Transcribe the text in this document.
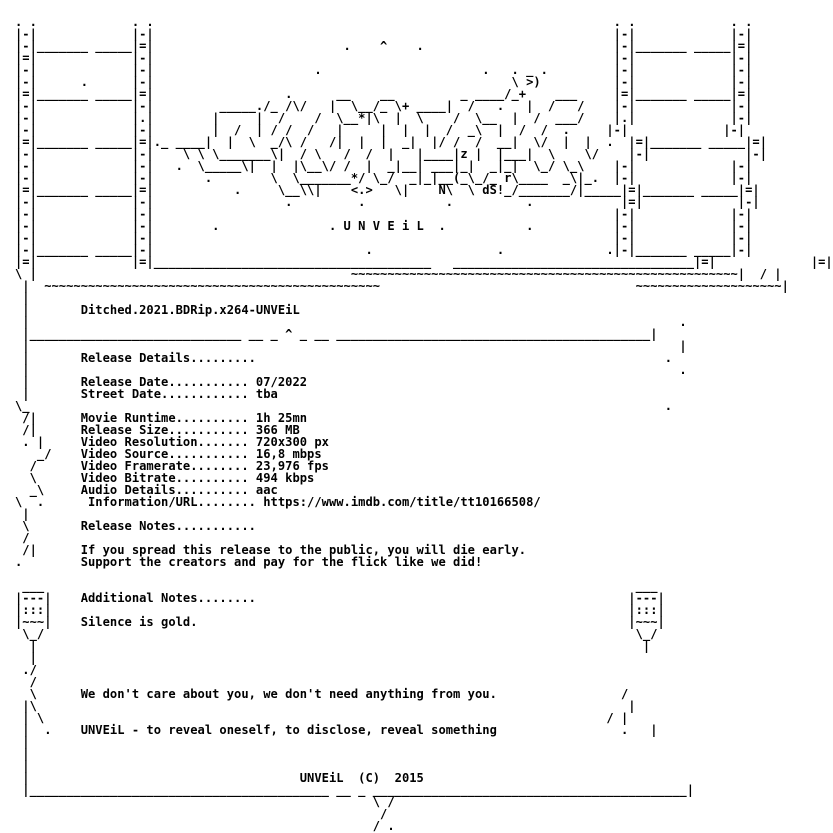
. .             . .                                                               . .             . .
|-|             |-|                                                               |-|             |-|
|-|_______ _____|=|                          .    ^    .                          |-|_______ _____|=|
|=|             |-|                                                               |-|             |-|
|-|             |-|                      .                      .   . _ .         |-|             |-|
|-|      .      |-|                                                 \ >)          |-|             |-|
|=|_______ _____|=|                  .      __    __         _ ____/_+    ___     |=|_______ _____|=|
|-|             |-|         _____./_ /\/   |  \__/_ \+ ____|  /   .   |  /   /    |-|             |-|
|-|             |.|        |     |  /    /  \__*|\  |  \    /  \__  |  /  ___/    |.|             |-|
|-|             |-|        |  /  | / /  /   |     |  |  |  /  _\  |  /  /  .     |-|             |-|
|=|_______ _____|=|._ ____|  |  \  _/\ /   /|  |  |  _|  |/ /  /  __|  \/  |  |  .  |=|_______ _____|=|
|-|             |-|    \ \ \_______\|  / \   /  /  |   |____|z |  |___|  \    \/    |-|             |-|
|-|             |-|   .  \_____\|  |  |\__\/ /  |  _|__| ___|_|  _|_|  \_/ \_\    |-|             |-|
|-|             |-|       .        \  \_______*/ \_/  _|_|__(_\_/_ r\____  _\|_.  |-|             |-|
|=|_______ _____|=|           .     \__\\|    <.>   \|    N\  \ dS!_/_______/|_____|=|_______ _____|=|
|-|             |-|                  .         .           .          .            |=|             |-|
|-|             |-|                                                               |-|             |-|
|-|             |-|        .               . U N V E i L  .           .           |-|             |-|
|-|             |-|                                                               |-|             |-|
|-|_______ _____|-|                             .                 .              .|-|_______ _____|-|
|=|             |=|______________________________________   _________________________________|=|             |=|
\ |                                           ~~~~~~~~~~~~~~~~~~~~~~~~~~~~~~~~~~~~~~~~~~~~~~~~~~~~~|  / |
|  ~~~~~~~~~~~~~~~~~~~~~~~~~~~~~~~~~~~~~~~~~~~~~~                                   ~~~~~~~~~~~~~~~~~~~~|
|
|       Ditched.2021.BDRip.x264-UNVEiL
|                                                                                         .
|_____________________________ __ _ ^ _ __ ___________________________________________|
|                                                                                         |
|       Release Details.........                                                        .
|                                                                                         .
|       Release Date........... 07/2022
|       Street Date............ tba
\_                                                                                       .
/|      Movie Runtime.......... 1h 25mn
/|      Release Size........... 366 MB
. |     Video Resolution....... 720x300 px
_/    Video Source........... 16,8 mbps
/      Video Framerate........ 23,976 fps
\      Video Bitrate.......... 494 kbps
_\     Audio Details.......... aac
\  .      Information/URL........ https://www.imdb.com/title/tt10166508/
|
\       Release Notes...........
/
/|      If you spread this release to the public, you will die early.
.        Support the creators and pay for the flick like we did!
___                                                                                 ___
|---|    Additional Notes........                                                   |---|
|:::|                                                                               |:::|
|~~~|    Silence is gold.                                                           |~~~|
\_/                                                                                 \_/
|                                                                                   |
|
./
/
\      We don't care about you, we don't need anything from you.                 /
|\                                                                                 |
| \                                                                             / |
|  .    UNVEiL - to reveal oneself, to disclose, reveal something                 .   |
|
|
|
|                                     UNVEiL  (C)  2015
|_________________________________________ __ _ ___________________________________________|
\ /
/
/ .
